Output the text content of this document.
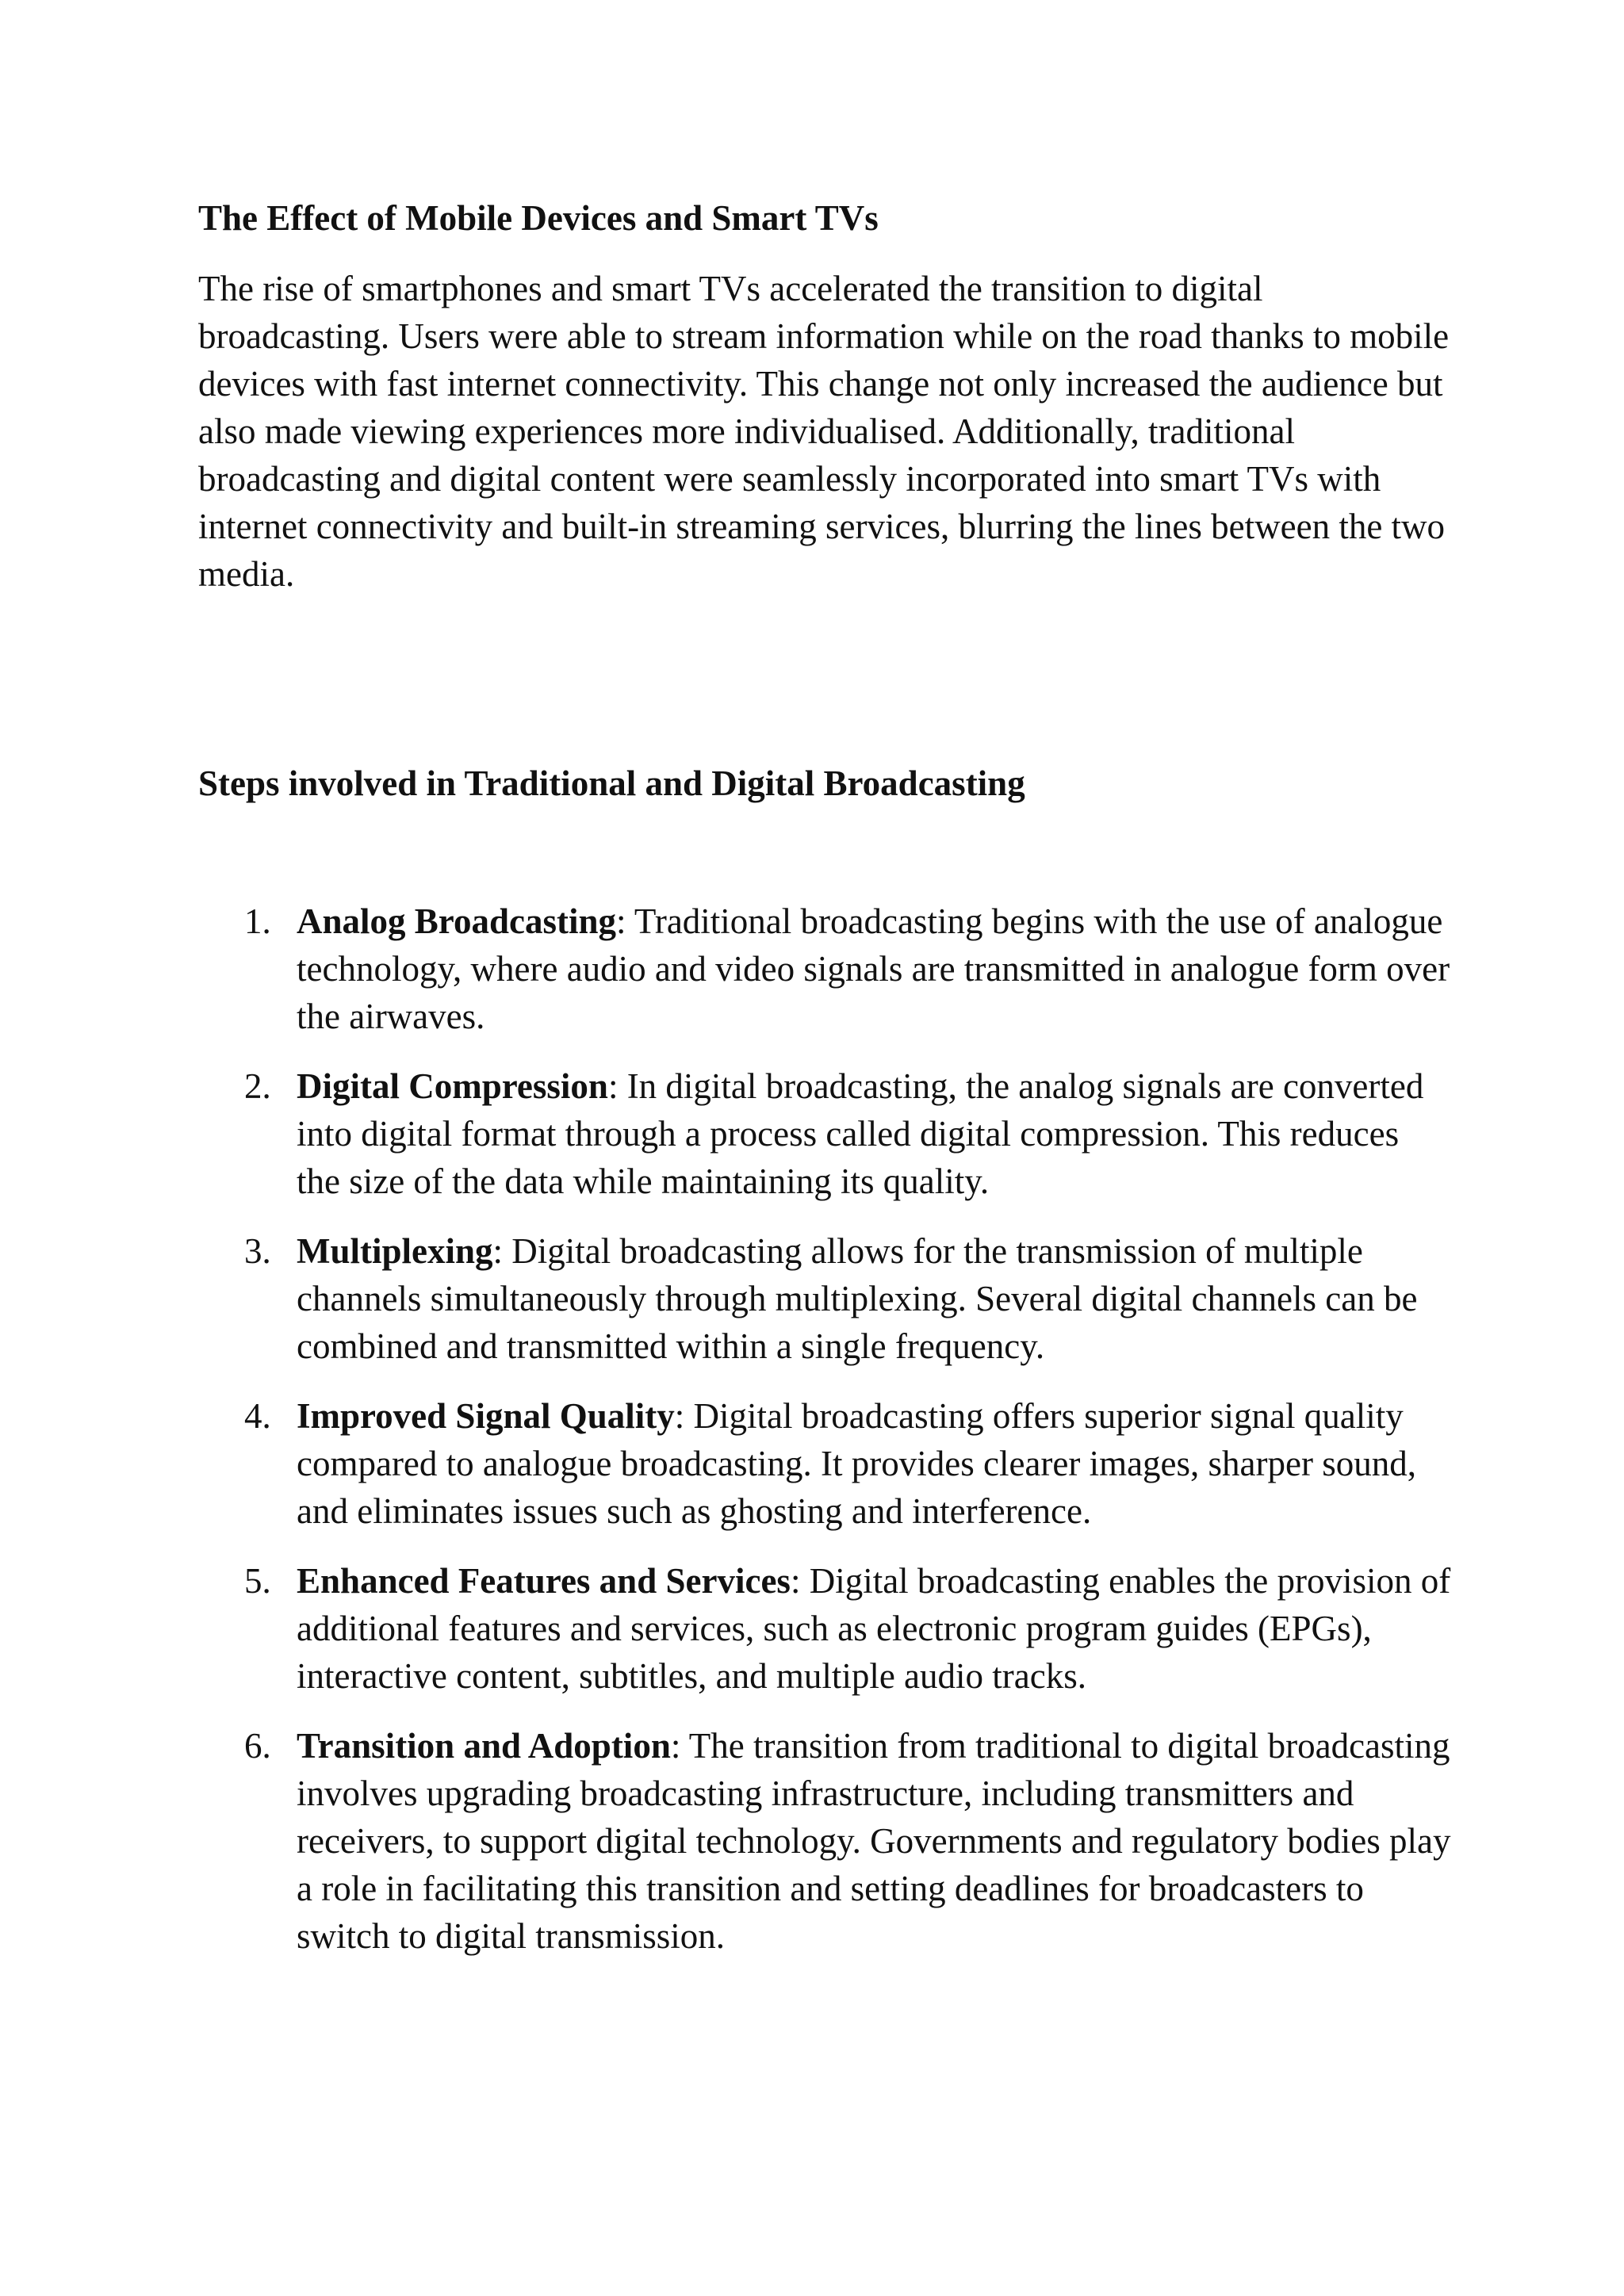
The Effect of Mobile Devices and Smart TVs

The rise of smartphones and smart TVs accelerated the transition to digital broadcasting. Users were able to stream information while on the road thanks to mobile devices with fast internet connectivity. This change not only increased the audience but also made viewing experiences more individualised. Additionally, traditional broadcasting and digital content were seamlessly incorporated into smart TVs with internet connectivity and built-in streaming services, blurring the lines between the two media.

Steps involved in Traditional and Digital Broadcasting
1. Analog Broadcasting: Traditional broadcasting begins with the use of analogue technology, where audio and video signals are transmitted in analogue form over the airwaves.
2. Digital Compression: In digital broadcasting, the analog signals are converted into digital format through a process called digital compression. This reduces the size of the data while maintaining its quality.
3. Multiplexing: Digital broadcasting allows for the transmission of multiple channels simultaneously through multiplexing. Several digital channels can be combined and transmitted within a single frequency.
4. Improved Signal Quality: Digital broadcasting offers superior signal quality compared to analogue broadcasting. It provides clearer images, sharper sound, and eliminates issues such as ghosting and interference.
5. Enhanced Features and Services: Digital broadcasting enables the provision of additional features and services, such as electronic program guides (EPGs), interactive content, subtitles, and multiple audio tracks.
6. Transition and Adoption: The transition from traditional to digital broadcasting involves upgrading broadcasting infrastructure, including transmitters and receivers, to support digital technology. Governments and regulatory bodies play a role in facilitating this transition and setting deadlines for broadcasters to switch to digital transmission.
